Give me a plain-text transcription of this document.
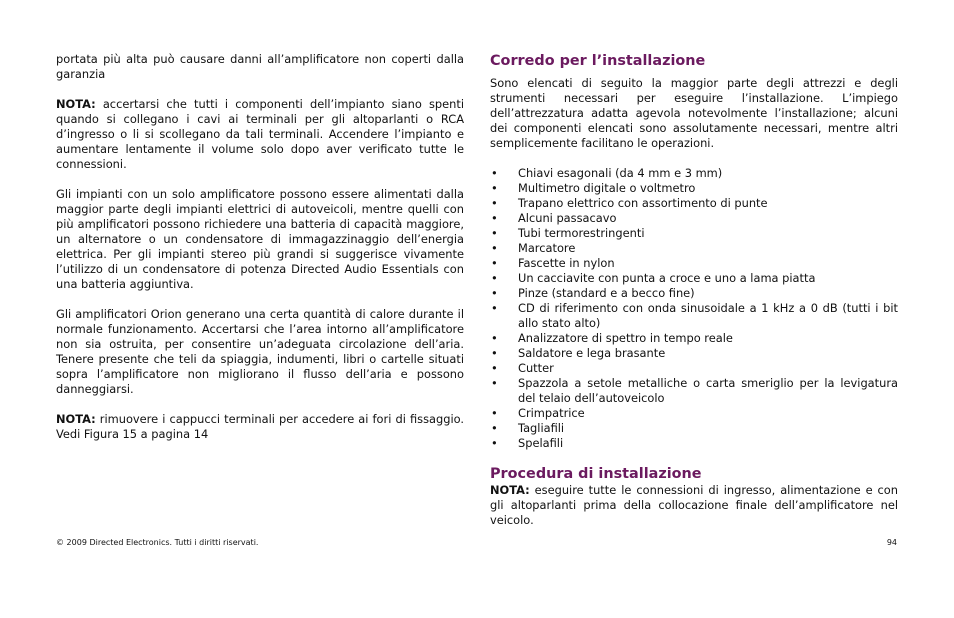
portata più alta può causare danni all’amplificatore non coperti dalla garanzia

NOTA: accertarsi che tutti i componenti dell’impianto siano spenti quando si collegano i cavi ai terminali per gli altoparlanti o RCA d’ingresso o li si scollegano da tali terminali. Accendere l’impianto e aumentare lentamente il volume solo dopo aver verificato tutte le connessioni.

Gli impianti con un solo amplificatore possono essere alimentati dalla maggior parte degli impianti elettrici di autoveicoli, mentre quelli con più amplificatori possono richiedere una batteria di capacità maggiore, un alternatore o un condensatore di immagazzinaggio dell’energia elettrica. Per gli impianti stereo più grandi si suggerisce vivamente l’utilizzo di un condensatore di potenza Directed Audio Essentials con una batteria aggiuntiva.

Gli amplificatori Orion generano una certa quantità di calore durante il normale funzionamento. Accertarsi che l’area intorno all’amplificatore non sia ostruita, per consentire un’adeguata circolazione dell’aria. Tenere presente che teli da spiaggia, indumenti, libri o cartelle situati sopra l’amplificatore non migliorano il flusso dell’aria e possono danneggiarsi.

NOTA: rimuovere i cappucci terminali per accedere ai fori di fissaggio. Vedi Figura 15 a pagina 14

Corredo per l’installazione

Sono elencati di seguito la maggior parte degli attrezzi e degli strumenti necessari per eseguire l’installazione. L’impiego dell’attrezzatura adatta agevola notevolmente l’installazione; alcuni dei componenti elencati sono assolutamente necessari, mentre altri semplicemente facilitano le operazioni.

• Chiavi esagonali (da 4 mm e 3 mm)
• Multimetro digitale o voltmetro
• Trapano elettrico con assortimento di punte
• Alcuni passacavo
• Tubi termorestringenti
• Marcatore
• Fascette in nylon
• Un cacciavite con punta a croce e uno a lama piatta
• Pinze (standard e a becco fine)
• CD di riferimento con onda sinusoidale a 1 kHz a 0 dB (tutti i bit allo stato alto)
• Analizzatore di spettro in tempo reale
• Saldatore e lega brasante
• Cutter
• Spazzola a setole metalliche o carta smeriglio per la levigatura del telaio dell’autoveicolo
• Crimpatrice
• Tagliafili
• Spelafili
Procedura di installazione

NOTA: eseguire tutte le connessioni di ingresso, alimentazione e con gli altoparlanti prima della collocazione finale dell’amplificatore nel veicolo.

© 2009 Directed Electronics. Tutti i diritti riservati.	94
